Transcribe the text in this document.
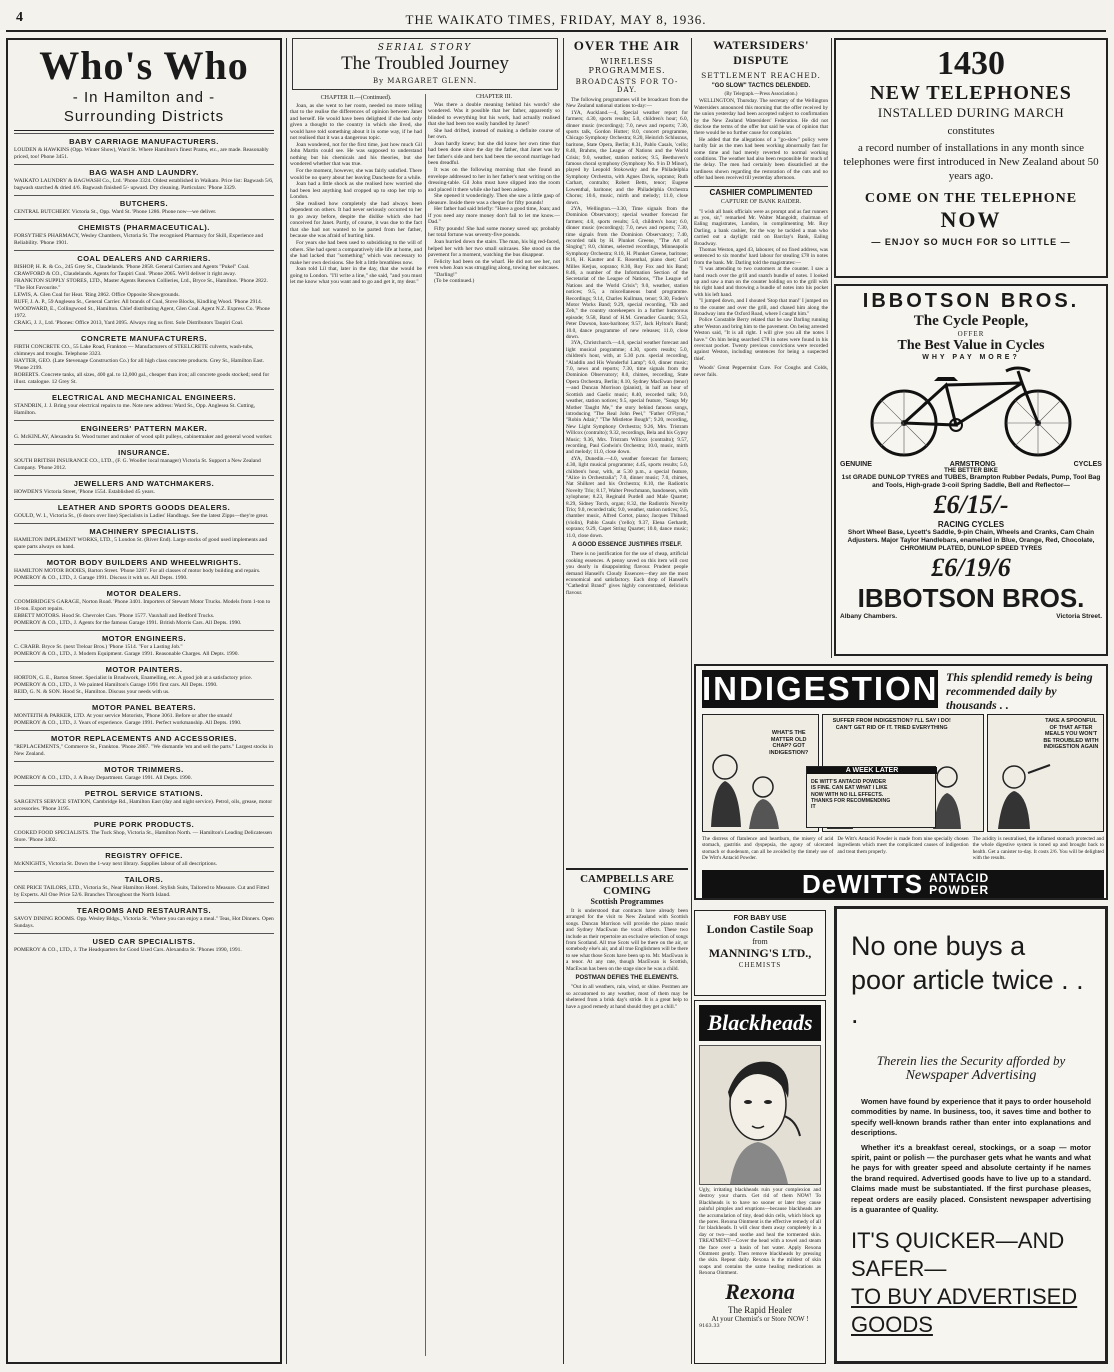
4	THE WAIKATO TIMES, FRIDAY, MAY 8, 1936.
Who's Who
- In Hamilton and -
Surrounding Districts
BABY CARRIAGE MANUFACTURERS.
LOUDEN & HAWKINS (Opp. Winter Show), Ward St. Where Hamilton's finest Prams, etc., are made. Reasonably priced, too! Phone 3451.
BAG WASH AND LAUNDRY.
WAIKATO LAUNDRY & BAGWASH Co., Ltd. 'Phone 3324. Oldest established in Waikato. Price list: Bagwash 5/6, bagwash starched & dried 4/6. Bagwash finished 5/- upward. Dry cleaning. Particulars: 'Phone 3329.
BUTCHERS.
CENTRAL BUTCHERY. Victoria St., Opp. Ward St. 'Phone 1286. Phone now—we deliver.
CHEMISTS (PHARMACEUTICAL).
FORSYTHE'S PHARMACY, Wesley Chambers, Victoria St. The recognised Pharmacy for Skill, Experience and Reliability. 'Phone 1901.
COAL DEALERS AND CARRIERS.
BISHOP, H. R. & Co., 245 Grey St., Claudelands. 'Phone 2858. General Carriers and Agents "Pukel" Coal.
CRAWFORD & CO., Claudelands. Agents for Taupiri Coal. 'Phone 2065. We'll deliver it right away.
FRANKTON SUPPLY STORES, LTD., Master Agents Renown Collieries, Ltd., Bryce St., Hamilton. 'Phone 2822. "The Hot Favourite."
LEWIS, A. Glen Coal for Heat. 'Ring 2862. Office Opposite Showgrounds.
RUFF, J. A. P., 59 Anglesea St., General Carrier. All brands of Coal, Stove Blocks, Kindling Wood. 'Phone 2914.
WOODWARD, E., Collingwood St., Hamilton. Chief distributing Agent, Glen Coal. Agent N.Z. Express Co. 'Phone 1972.
CRAIG, J. J., Ltd. 'Phones: Office 2013, Yard 2095. Always ring us first. Sole Distributors Taupiri Coal.
CONCRETE MANUFACTURERS.
FIRTH CONCRETE CO., 55 Lake Road, Frankton — Manufacturers of STEELCRETE culverts, wash-tubs, chimneys and troughs. Telephone 3323.
HAYTER, GEO. (Late Stevenage Construction Co.) for all high class concrete products. Grey St., Hamilton East. 'Phone 2199.
ROBERTS. Concrete tanks, all sizes, 400 gal. to 12,000 gal., cheaper than iron; all concrete goods stocked; send for illust. catalogue. 12 Grey St.
ELECTRICAL AND MECHANICAL ENGINEERS.
STANDRIN, J. J. Bring your electrical repairs to me. Note new address: Ward St., Opp. Anglesea St. Cutting, Hamilton.
ENGINEERS' PATTERN MAKER.
G. McKINLAY, Alexandra St. Wood turner and maker of wood split pulleys, cabinetmaker and general wood worker.
INSURANCE.
SOUTH BRITISH INSURANCE CO., LTD., (F. G. Wooller local manager) Victoria St. Support a New Zealand Company. 'Phone 2012.
JEWELLERS AND WATCHMAKERS.
HOWDEN'S Victoria Street, 'Phone 1554. Established 45 years.
LEATHER AND SPORTS GOODS DEALERS.
GOULD, W. I., Victoria St., (6 doors over line) Specialists in Ladies' Handbags. See the latest Zipps—they're great.
MACHINERY SPECIALISTS.
HAMILTON IMPLEMENT WORKS, LTD., 5 London St. (River End). Large stocks of good used implements and spare parts always on hand.
MOTOR BODY BUILDERS AND WHEELWRIGHTS.
HAMILTON MOTOR BODIES, Barton Street. 'Phone 3287. For all classes of motor body building and repairs.
POMEROY & CO., LTD., J. Garage 1991. Discuss it with us. All Depts. 1990.
MOTOR DEALERS.
COOMBRIDGE'S GARAGE, Norton Road. 'Phone 3401. Importers of Stewart Motor Trucks. Models from 1-ton to 10-ton. Export repairs.
EBBETT MOTORS. Hood St. Chevrolet Cars. 'Phone 1577. Vauxhall and Bedford Trucks.
POMEROY & CO., LTD., J. Agents for the famous Garage 1991. British Morris Cars. All Depts. 1990.
MOTOR ENGINEERS.
C. CRABB. Bryce St. (next Treloar Bros.) 'Phone 1514. "For a Lasting Job."
POMEROY & CO., LTD., J. Modern Equipment. Garage 1991. Reasonable Charges. All Depts. 1990.
MOTOR PAINTERS.
HORTON, G. E., Barton Street. Specialist in Brushwork, Enamelling, etc. A good job at a satisfactory price.
POMEROY & CO., LTD., J. We painted Hamilton's Garage 1991 first cars. All Depts. 1990.
REID, G. N. & SON. Hood St., Hamilton. Discuss your needs with us.
MOTOR PANEL BEATERS.
MONTEITH & PARKER, LTD. At your service Motorists, 'Phone 3061. Before or after the smash!
POMEROY & CO., LTD., J. Years of experience. Garage 1991. Perfect workmanship. All Depts. 1990.
MOTOR REPLACEMENTS AND ACCESSORIES.
"REPLACEMENTS," Commerce St., Frankton. 'Phone 2867. "We dismantle 'em and sell the parts." Largest stocks in New Zealand.
MOTOR TRIMMERS.
POMEROY & CO., LTD., J. A Busy Department. Garage 1991. All Depts. 1990.
PETROL SERVICE STATIONS.
SARGENTS SERVICE STATION, Cambridge Rd., Hamilton East (day and night service). Petrol, oils, grease, motor accessories. 'Phone 3195.
PURE PORK PRODUCTS.
COOKED FOOD SPECIALISTS. The Tuck Shop, Victoria St., Hamilton North. — Hamilton's Leading Delicatessen Store. 'Phone 3402.
REGISTRY OFFICE.
McKNIGHTS, Victoria St. Down the 1-way next library. Supplies labour of all descriptions.
TAILORS.
ONE PRICE TAILORS, LTD., Victoria St., Near Hamilton Hotel. Stylish Suits, Tailored to Measure. Cut and Fitted by Experts. All One Price 52/6. Branches Throughout the North Island.
TEAROOMS AND RESTAURANTS.
SAVOY DINING ROOMS. Opp. Wesley Bldgs., Victoria St. "Where you can enjoy a meal." Teas, Hot Dinners. Open Sundays.
USED CAR SPECIALISTS.
POMEROY & CO., LTD., J. The Headquarters for Good Used Cars. Alexandra St. 'Phones 1990, 1991.
SERIAL STORY
The Troubled Journey
By MARGARET GLENN.
CHAPTER II.—(Continued).

Joan, as she went to her room, needed no more telling that to the realise the differences of opinion between Janet and herself. He would have been delighted if she had only given a thought to the country in which she lived, she would have told something about it in some way, if he had not realised that it was a dangerous topic.

Joan wondered, not for the first time, just how much Gil John Martin could see. He was supposed to understand nothing but his chemicals and his theories, but she wondered whether that was true.

For the moment, however, she was fairly satisfied. There would be no query about her leaving Dancheste for a while.

Joan had a little shock as she realised how worried she had been lest anything had cropped up to stop her trip to London.

She realised how completely she had always been dependent on others. It had never seriously occurred to her to go away before, despite the dislike which she had conceived for Janet. Partly, of course, it was due to the fact that she had not wanted to be parted from her father, because she was afraid of hurting him.

For years she had been used to subsidising to the will of others. She had spent a comparatively idle life at home, and she had lacked that "something" which was necessary to make her own decisions. She felt a little breathless now.

Joan told Lil that, later in the day, that she would be going to London. "I'll write a line," she said, "and you must let me know what you want and to go and get it, my dear."

CHAPTER III.

Was there a double meaning behind his words? she wondered. Was it possible that her father, apparently so blinded to everything but his work, had actually realised that she had been too easily handled by Janet?

She had drifted, instead of making a definite course of her own.

Joan hardly knew; but she did know her own time that had been done since the day the father, that Janet was by her father's side and hers had been the second marriage had been dreadful.

It was on the following morning that she found an envelope addressed to her in her father's neat writing on the dressing-table. Gil John must have slipped into the room and placed it there while she had been asleep.

She opened it wonderingly. Then she saw a little gasp of pleasure. Inside there was a cheque for fifty pounds!

Her father had said briefly: "Have a good time, Joan; and if you need any more money don't fail to let me know.—Dad."

Fifty pounds! She had some money saved up; probably her total fortune was seventy-five pounds.

Joan hurried down the stairs. The man, his big red-faced, helped her with her two small suitcases. She stood on the pavement for a moment, watching the bus disappear.

Felicity had been on the wharf. He did not see her, not even when Joan was struggling along, towing her suitcases.

"Darling!"

(To be continued.)

OVER THE AIR
WIRELESS PROGRAMMES.
BROADCASTS FOR TO-DAY.

The following programmes will be broadcast from the New Zealand national stations to-day:—

1YA, Auckland.—4, Special weather report for farmers; 4.30, sports results; 5.0, children's hour; 6.0, dinner music (recordings); 7.0, news and reports; 7.30, sports talk, Gordon Hutter; 8.0, concert programme, Chicago Symphony Orchestra; 8.20, Heinrich Schlusnus, baritone, State Opera, Berlin; 8.31, Pablo Casals, 'cello; 8.40, Brahms, the League of Nations and the World Crisis; 9.0, weather, station notices; 9.5, Beethoven's famous choral symphony (Symphony No. 9 in D Minor), played by Leopold Stokowsky and the Philadelphia Symphony Orchestra, with Agnes Davis, soprano; Ruth Carhart, contralto; Robert Betts, tenor; Eugene Lowenthal, baritone; and the Philadelphia Orchestra Chorus; 10.6, music, mirth and melody; 11.0, close down.

2YA, Wellington.—3.30, Time signals from the Dominion Observatory; special weather forecast for farmers; 4.0, sports results; 5.0, children's hour; 6.0, dinner music (recordings); 7.0, news and reports; 7.30, time signals from the Dominion Observatory; 7.40, recorded talk by H. Plunket Greene, "The Art of Singing"; 8.0, chimes, selected recordings, Minneapolis Symphony Orchestra; 8.10, H. Plunket Greene, baritone; 8.16, H. Kautter and E. Rosenthal, piano duet; Carl Milles Kerjus, soprano; 8.30, Roy Fox and his Band; 8.46, a number of the Information Section of the Secretariat of the League of Nations, "The League of Nations and the World Crisis"; 9.0, weather, station notices; 9.5, a miscellaneous band programme. Recordings; 9.14, Charles Kullman, tenor; 9.30, Foden's Motor Works Band; 9.29, special recording, "Eb and Zeb," the country storekeepers in a further humorous episode; 9.58, Band of H.M. Grenadier Guards; 9.53, Peter Dawson, bass-baritone; 9.57, Jack Hylton's Band; 10.0, dance programme of new releases; 11.0, close down.

3YA, Christchurch.—4.0, special weather forecast and light musical programme; 4.30, sports results; 5.0, children's hour, with, at 5.30 p.m. special recording, "Aladdin and His Wonderful Lamp"; 6.0, dinner music; 7.0, news and reports; 7.30, time signals from the Dominion Observatory; 8.0, chimes, recording, State Opera Orchestra, Berlin; 8.10, Sydney MacEwan (tenor)—and Duncan Morrison (pianist), in half an hour of Scottish and Gaelic music; 8.40, recorded talk; 9.0, weather, station notices; 9.5, special feature, "Songs My Mother Taught Me," the story behind famous songs, introducing "The Real John Peel," "Father O'Flynn," "Robin Adair," "The Mistletoe Bough"; 9.20, recording, New Light Symphony Orchestra; 9.26, Mrs. Tristram Willcox (contralto); 9.32, recordings, Bela and his Gypsy Music; 9.36, Mrs. Tristram Willcox (contralto); 9.57, recording, Paul Godwin's Orchestra; 10.0, music, mirth and melody; 11.0, close down.

4YA, Dunedin.—4.0, weather forecast for farmers; 4.30, light musical programme; 4.45, sports results; 5.0, children's hour, with, at 5.30 p.m., a special feature, "Alice in Orchestralia"; 7.0, dinner music; 7.0, chimes, Nat Shilkret and his Orchestra; 8.10, the Radiotrix Novelty Trio; 8.17, Walter Preschmann, bandoneon, with xylophone; 8.23, Reginald Purdell and Male Quartet; 8.29, Sidney Torch, organ; 8.32, the Radiotrix Novelty Trio; 9.0, recorded talk; 9.0, weather, station notices; 9.5, chamber music, Alfred Cortot, piano; Jacques Thibaud (violin), Pablo Casals ('cello); 9.37, Elena Gerhardt, soprano; 9.29, Capet String Quartet; 10.0, dance music; 11.0, close down.

A GOOD ESSENCE JUSTIFIES ITSELF.

There is no justification for the use of cheap, artificial cooking essences. A penny saved on this item will cost you dearly in disappointing flavour. Prudent people demand Hansell's Cloudy Essences—they are the most economical and satisfactory. Each drop of Hansell's "Cathedral Brand" gives highly concentrated, delicious flavour.

CAMPBELLS ARE COMING
Scottish Programmes

It is understood that contracts have already been arranged for the visit to New Zealand with Scottish songs. Duncan Morrison will provide the piano music and Sydney MacEwan the vocal effects. These two include as their repertoire an exclusive selection of songs from Scotland. All true Scots will be there on the air, or somebody else's air, and all true Englishmen will be there to see what those Scots have been up to. Mr. MacEwan is a tenor. At any rate, though MacEwan is Scottish, MacEwan has been on the stage since he was a child.

POSTMAN DEFIES THE ELEMENTS.

"Out in all weathers, rain, wind, or shine. Postmen are so accustomed to any weather, most of them may be sheltered from a brisk day's stride. It is a great help to have a good remedy at hand should they get a chill."

WATERSIDERS' DISPUTE
SETTLEMENT REACHED.
"GO SLOW" TACTICS DELENDED.
(By Telegraph.—Press Association.)

WELLINGTON, Thursday. The secretary of the Wellington Watersiders announced this morning that the offer received by the union yesterday had been accepted subject to confirmation by the New Zealand Watersiders' Federation. He did not disclose the terms of the offer but said he was of opinion that there would be no further cause for complaint.

He added that the allegations of a "go-slow" policy were hardly fair as the men had been working abnormally fast for some time and had merely reverted to normal working conditions. The weather had also been responsible for much of the delay. The men had certainly been dissatisfied at the tardiness shown regarding the restoration of the cuts and no offer had been received till yesterday afternoon.

CASHIER COMPLIMENTED
CAPTURE OF BANK RAIDER.

"I wish all bank officials were as prompt and as fast runners as you, sir," remarked Mr. Walter Mangoldt, chairman of Ealing magistrates, London, in complimenting Mr. Roy Darling, a bank cashier, for the way he tackled a man who carried out a daylight raid on Barclay's Bank, Ealing Broadway.

Thomas Weston, aged 43, labourer, of no fixed address, was sentenced to six months' hard labour for stealing £78 in notes from the bank. Mr. Darling told the magistrates:—

"I was attending to two customers at the counter. I saw a hand reach over the grill and snatch bundle of notes. I looked up and saw a man on the counter holding on to the grill with his right hand and throwing a bundle of notes into his pocket with his left hand.

"I jumped down, and I shouted 'Stop that man!' I jumped on to the counter and over the grill, and chased him along the Broadway into the Oxford Road, where I caught him."

Police Constable Berry related that he saw Darling running after Weston and bring him to the pavement. On being arrested Weston said, "It is all right. I will give you all the notes I have." On him being searched £78 in notes were found in his overcoat pocket. Twenty previous convictions were recorded against Weston, including sentences for being a suspected thief.

Woods' Great Peppermint Cure. For Coughs and Colds, never fails.

1430
NEW TELEPHONES
INSTALLED DURING MARCH
constitutes
a record number of installations in any month since telephones were first introduced in New Zealand about 50 years ago.
COME ON THE TELEPHONE
NOW
— ENJOY SO MUCH FOR SO LITTLE —
IBBOTSON BROS.
The Cycle People,
OFFER
The Best Value in Cycles
WHY PAY MORE?
GENUINE	ARMSTRONG	CYCLES
THE BETTER BIKE
1st GRADE DUNLOP TYRES and TUBES, Brampton Rubber Pedals, Pump, Tool Bag and Tools, High-grade 3-coil Spring Saddle, Bell and Reflector—
£6/15/-
RACING CYCLES
Short Wheel Base, Lycett's Saddle, 9-pin Chain, Wheels and Cranks, Cam Chain Adjusters. Major Taylor Handlebars, enamelled in Blue, Orange, Red, Chocolate, CHROMIUM PLATED, DUNLOP SPEED TYRES
£6/19/6
IBBOTSON BROS.
Albany Chambers.	Victoria Street.
INDIGESTION This splendid remedy is being recommended daily by thousands . .
WHAT'S THE MATTER OLD CHAP? GOT INDIGESTION?
SUFFER FROM INDIGESTION? I'LL SAY I DO! CAN'T GET RID OF IT. TRIED EVERYTHING
TAKE A SPOONFUL OF THAT AFTER MEALS YOU WON'T BE TROUBLED WITH INDIGESTION AGAIN
A WEEK LATER
DE WITT'S ANTACID POWDER IS FINE. CAN EAT WHAT I LIKE NOW WITH NO ILL EFFECTS. THANKS FOR RECOMMENDING IT

The distress of flatulence and heartburn, the misery of acid stomach, gastritis and dyspepsia, the agony of ulcerated stomach or duodenum, can all be avoided by the timely use of De Witt's Antacid Powder.

De Witt's Antacid Powder is made from nine specially chosen ingredients which meet the complicated causes of indigestion and treat them properly.

The acidity is neutralised, the inflamed stomach protected and the whole digestive system is toned up and brought back to health. Get a canister to-day. It costs 2/6. You will be delighted with the results.

DeWITTS ANTACID
POWDER
FOR BABY USE
London Castile Soap
from
MANNING'S LTD.,
CHEMISTS
Blackheads
Ugly, irritating blackheads ruin your complexion and destroy your charm. Get rid of them NOW! To Blackheads is to have no sooner or later they cause painful pimples and eruptions—because blackheads are the accumulation of tiny, dead skin cells, which block up the pores. Rexona Ointment is the effective remedy of all for blackheads. It will clear them away completely in a day or two—and soothe and heal the tormented skin. TREATMENT—Cover the head with a towel and steam the face over a basin of hot water. Apply Rexona Ointment gently. Then remove blackheads by pressing the skin. Repeat daily. Rexona is the mildest of skin soaps and contains the same healing medications as Rexona Ointment.
Rexona
The Rapid Healer
At your Chemist's or Store NOW !
9163.33
No one buys a
poor article twice . . .
Therein lies the Security afforded by
Newspaper Advertising

Women have found by experience that it pays to order household commodities by name. In business, too, it saves time and bother to specify well-known brands rather than enter into explanations and descriptions.

Whether it's a breakfast cereal, stockings, or a soap — motor spirit, paint or polish — the purchaser gets what he wants and what he pays for with greater speed and absolute certainty if he names the brand required. Advertised goods have to live up to a standard. Claims made must be substantiated. If the first purchase pleases, repeat orders are easily placed. Consistent newspaper advertising is a guarantee of Quality.

IT'S QUICKER—AND SAFER—
TO BUY ADVERTISED GOODS
